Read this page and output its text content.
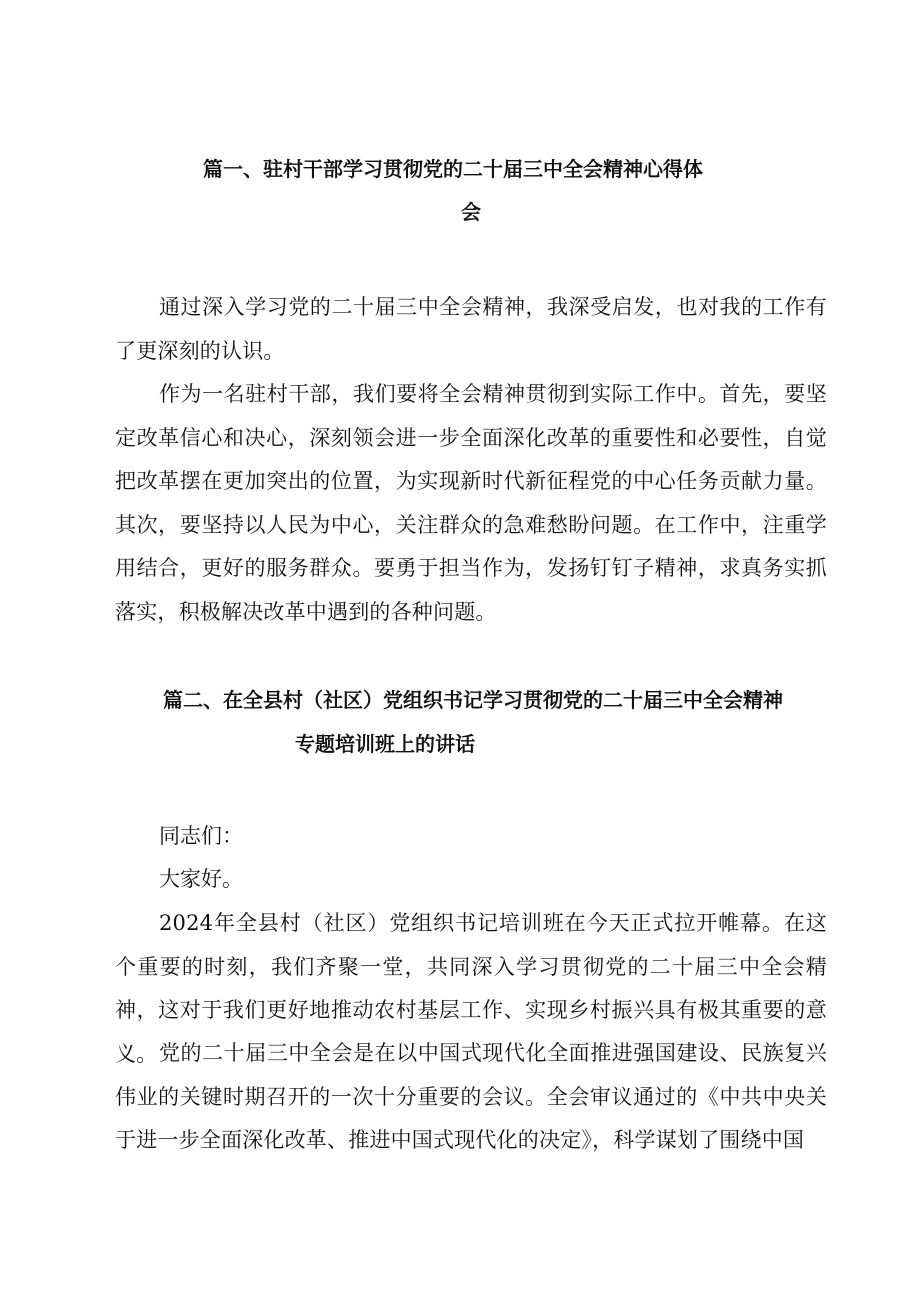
篇一、驻村干部学习贯彻党的二十届三中全会精神心得体
会

通过深入学习党的二十届三中全会精神，我深受启发，也对我的工作有了更深刻的认识。

作为一名驻村干部，我们要将全会精神贯彻到实际工作中。首先，要坚定改革信心和决心，深刻领会进一步全面深化改革的重要性和必要性，自觉把改革摆在更加突出的位置，为实现新时代新征程党的中心任务贡献力量。其次，要坚持以人民为中心，关注群众的急难愁盼问题。在工作中，注重学用结合，更好的服务群众。要勇于担当作为，发扬钉钉子精神，求真务实抓落实，积极解决改革中遇到的各种问题。

篇二、在全县村（社区）党组织书记学习贯彻党的二十届三中全会精神
专题培训班上的讲话

同志们：

大家好。

2024年全县村（社区）党组织书记培训班在今天正式拉开帷幕。在这个重要的时刻，我们齐聚一堂，共同深入学习贯彻党的二十届三中全会精神，这对于我们更好地推动农村基层工作、实现乡村振兴具有极其重要的意义。 党的二十届三中全会是在以中国式现代化全面推进强国建设、民族复兴伟业的关键时期召开的一次十分重要的会议。全会审议通过的《中共中央关于进一步全面深化改革、推进中国式现代化的决定》，科学谋划了围绕中国
